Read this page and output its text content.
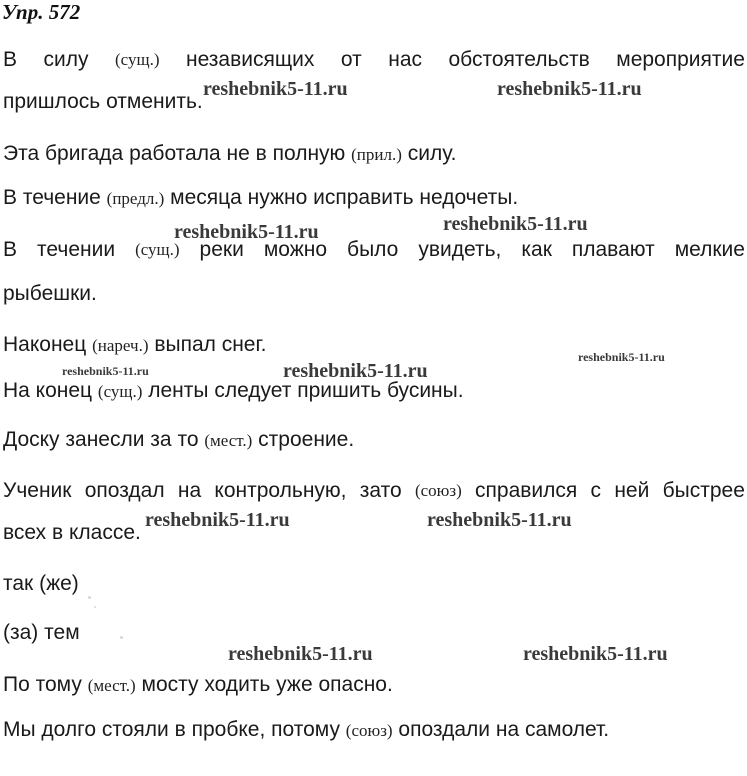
Упр. 572
В силу (сущ.) независящих от нас обстоятельств мероприятие
пришлось отменить.
Эта бригада работала не в полную (прил.) силу.
В течение (предл.) месяца нужно исправить недочеты.
В течении (сущ.) реки можно было увидеть, как плавают мелкие
рыбешки.
Наконец (нареч.) выпал снег.
На конец (сущ.) ленты следует пришить бусины.
Доску занесли за то (мест.) строение.
Ученик опоздал на контрольную, зато (союз) справился с ней быстрее
всех в классе.
так (же)
(за) тем
По тому (мест.) мосту ходить уже опасно.
Мы долго стояли в пробке, потому (союз) опоздали на самолет.
reshebnik5-11.ru	reshebnik5-11.ru
reshebnik5-11.ru	reshebnik5-11.ru
reshebnik5-11.ru	reshebnik5-11.ru
reshebnik5-11.ru
reshebnik5-11.ru	reshebnik5-11.ru
reshebnik5-11.ru	reshebnik5-11.ru
